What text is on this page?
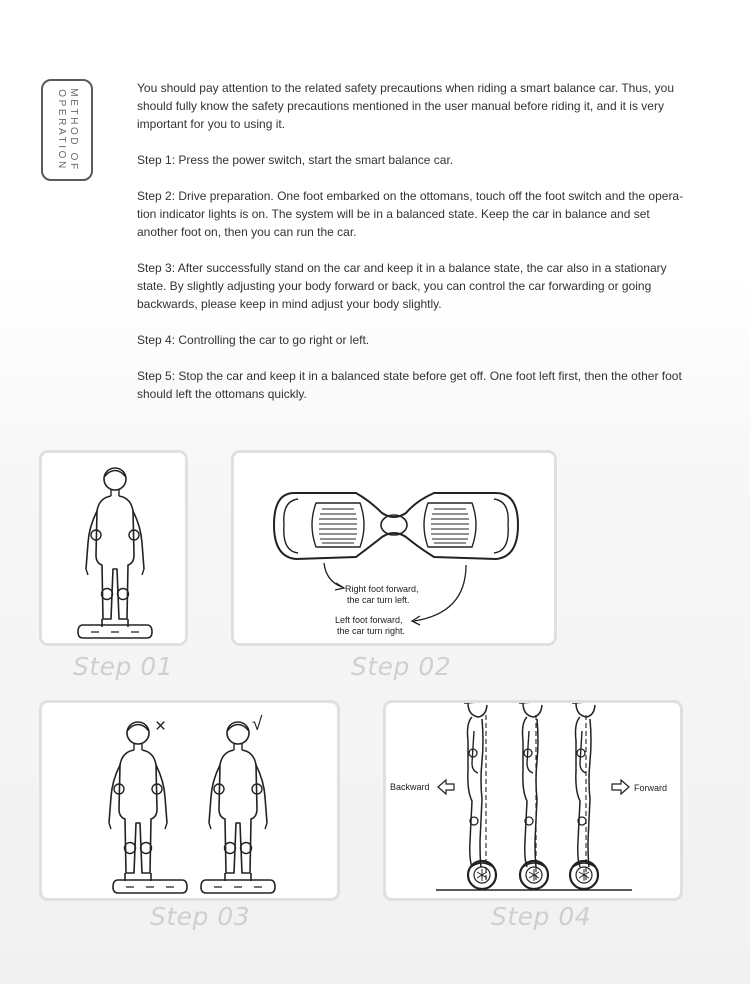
METHOD OF
OPERATION

You should pay attention to the related safety precautions when riding a smart balance car. Thus, you should fully know the safety precautions mentioned in the user manual before riding it, and it is very important for you to using it.

Step 1: Press the power switch, start the smart balance car.

Step 2: Drive preparation. One foot embarked on the ottomans, touch off the foot switch and the opera-tion indicator lights is on. The system will be in a balanced state. Keep the car in balance and set another foot on, then you can run the car.

Step 3: After successfully stand on the car and keep it in a balance state, the car also in a stationary state. By slightly adjusting your body forward or back, you can control the car forwarding or going backwards, please keep in mind adjust your body slightly.

Step 4: Controlling the car to go right or left.

Step 5: Stop the car and keep it in a balanced state before get off. One foot left first, then the other foot should left the ottomans quickly.

Step 01
Right foot forward,
the car turn left.
Left foot forward,
the car turn right.
Step 02
×	√
Step 03
Backward	Forward
Step 04
